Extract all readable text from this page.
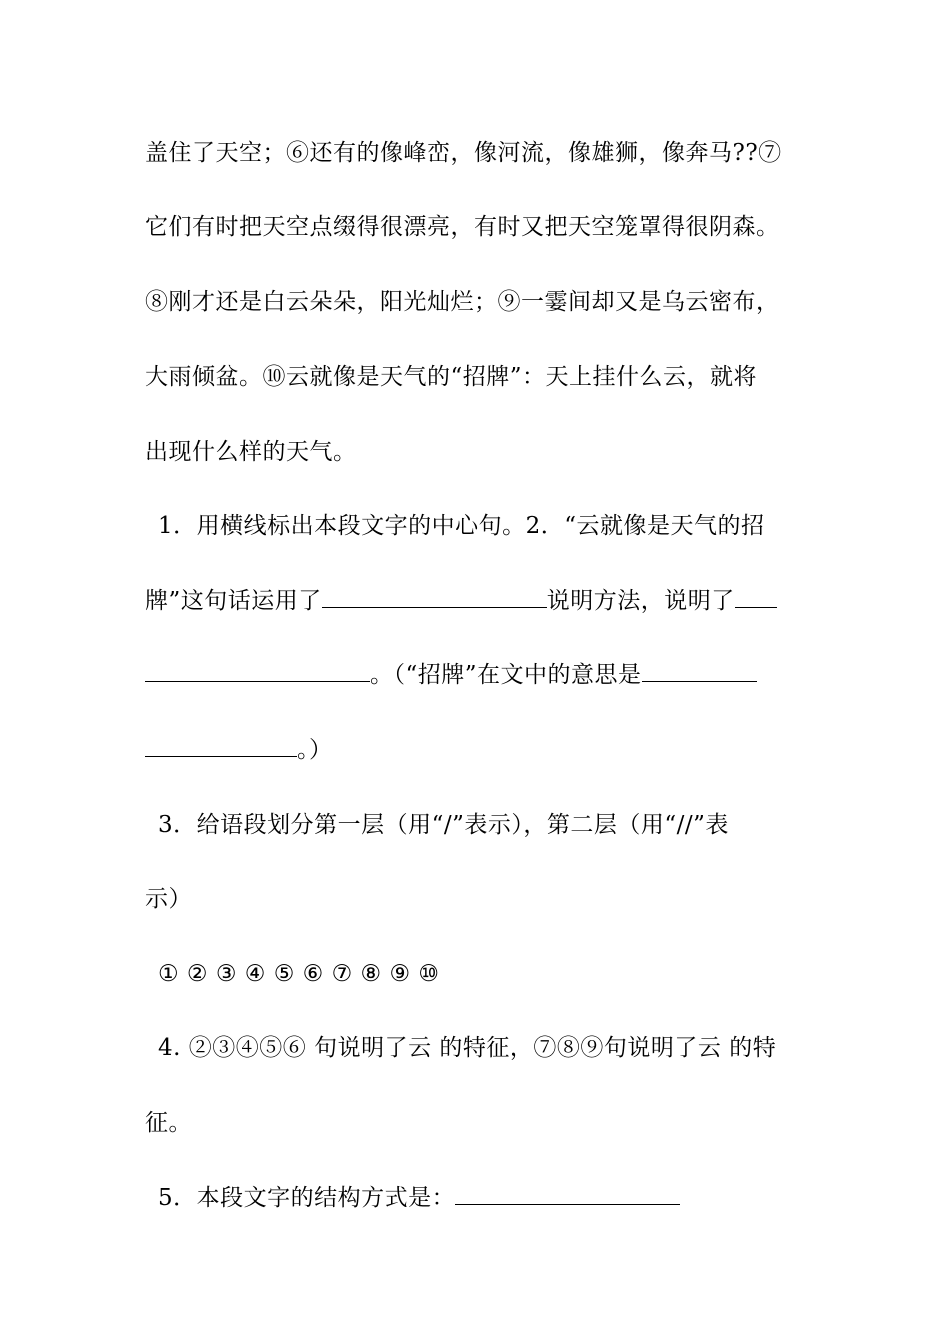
盖住了天空；⑥还有的像峰峦，像河流，像雄狮，像奔马??⑦
它们有时把天空点缀得很漂亮，有时又把天空笼罩得很阴森。
⑧刚才还是白云朵朵，阳光灿烂；⑨一霎间却又是乌云密布，
大雨倾盆。⑩云就像是天气的“招牌”：天上挂什么云，就将
出现什么样的天气。
1．用横线标出本段文字的中心句。2．“云就像是天气的招
牌”这句话运用了	说明方法，说明了
。（“招牌”在文中的意思是
。）
3．给语段划分第一层（用“/”表示），第二层（用“//”表
示）
① ② ③ ④ ⑤ ⑥ ⑦ ⑧ ⑨ ⑩
4. ②③④⑤⑥ 句说明了云 的特征，⑦⑧⑨句说明了云 的特
征。
5．本段文字的结构方式是：
